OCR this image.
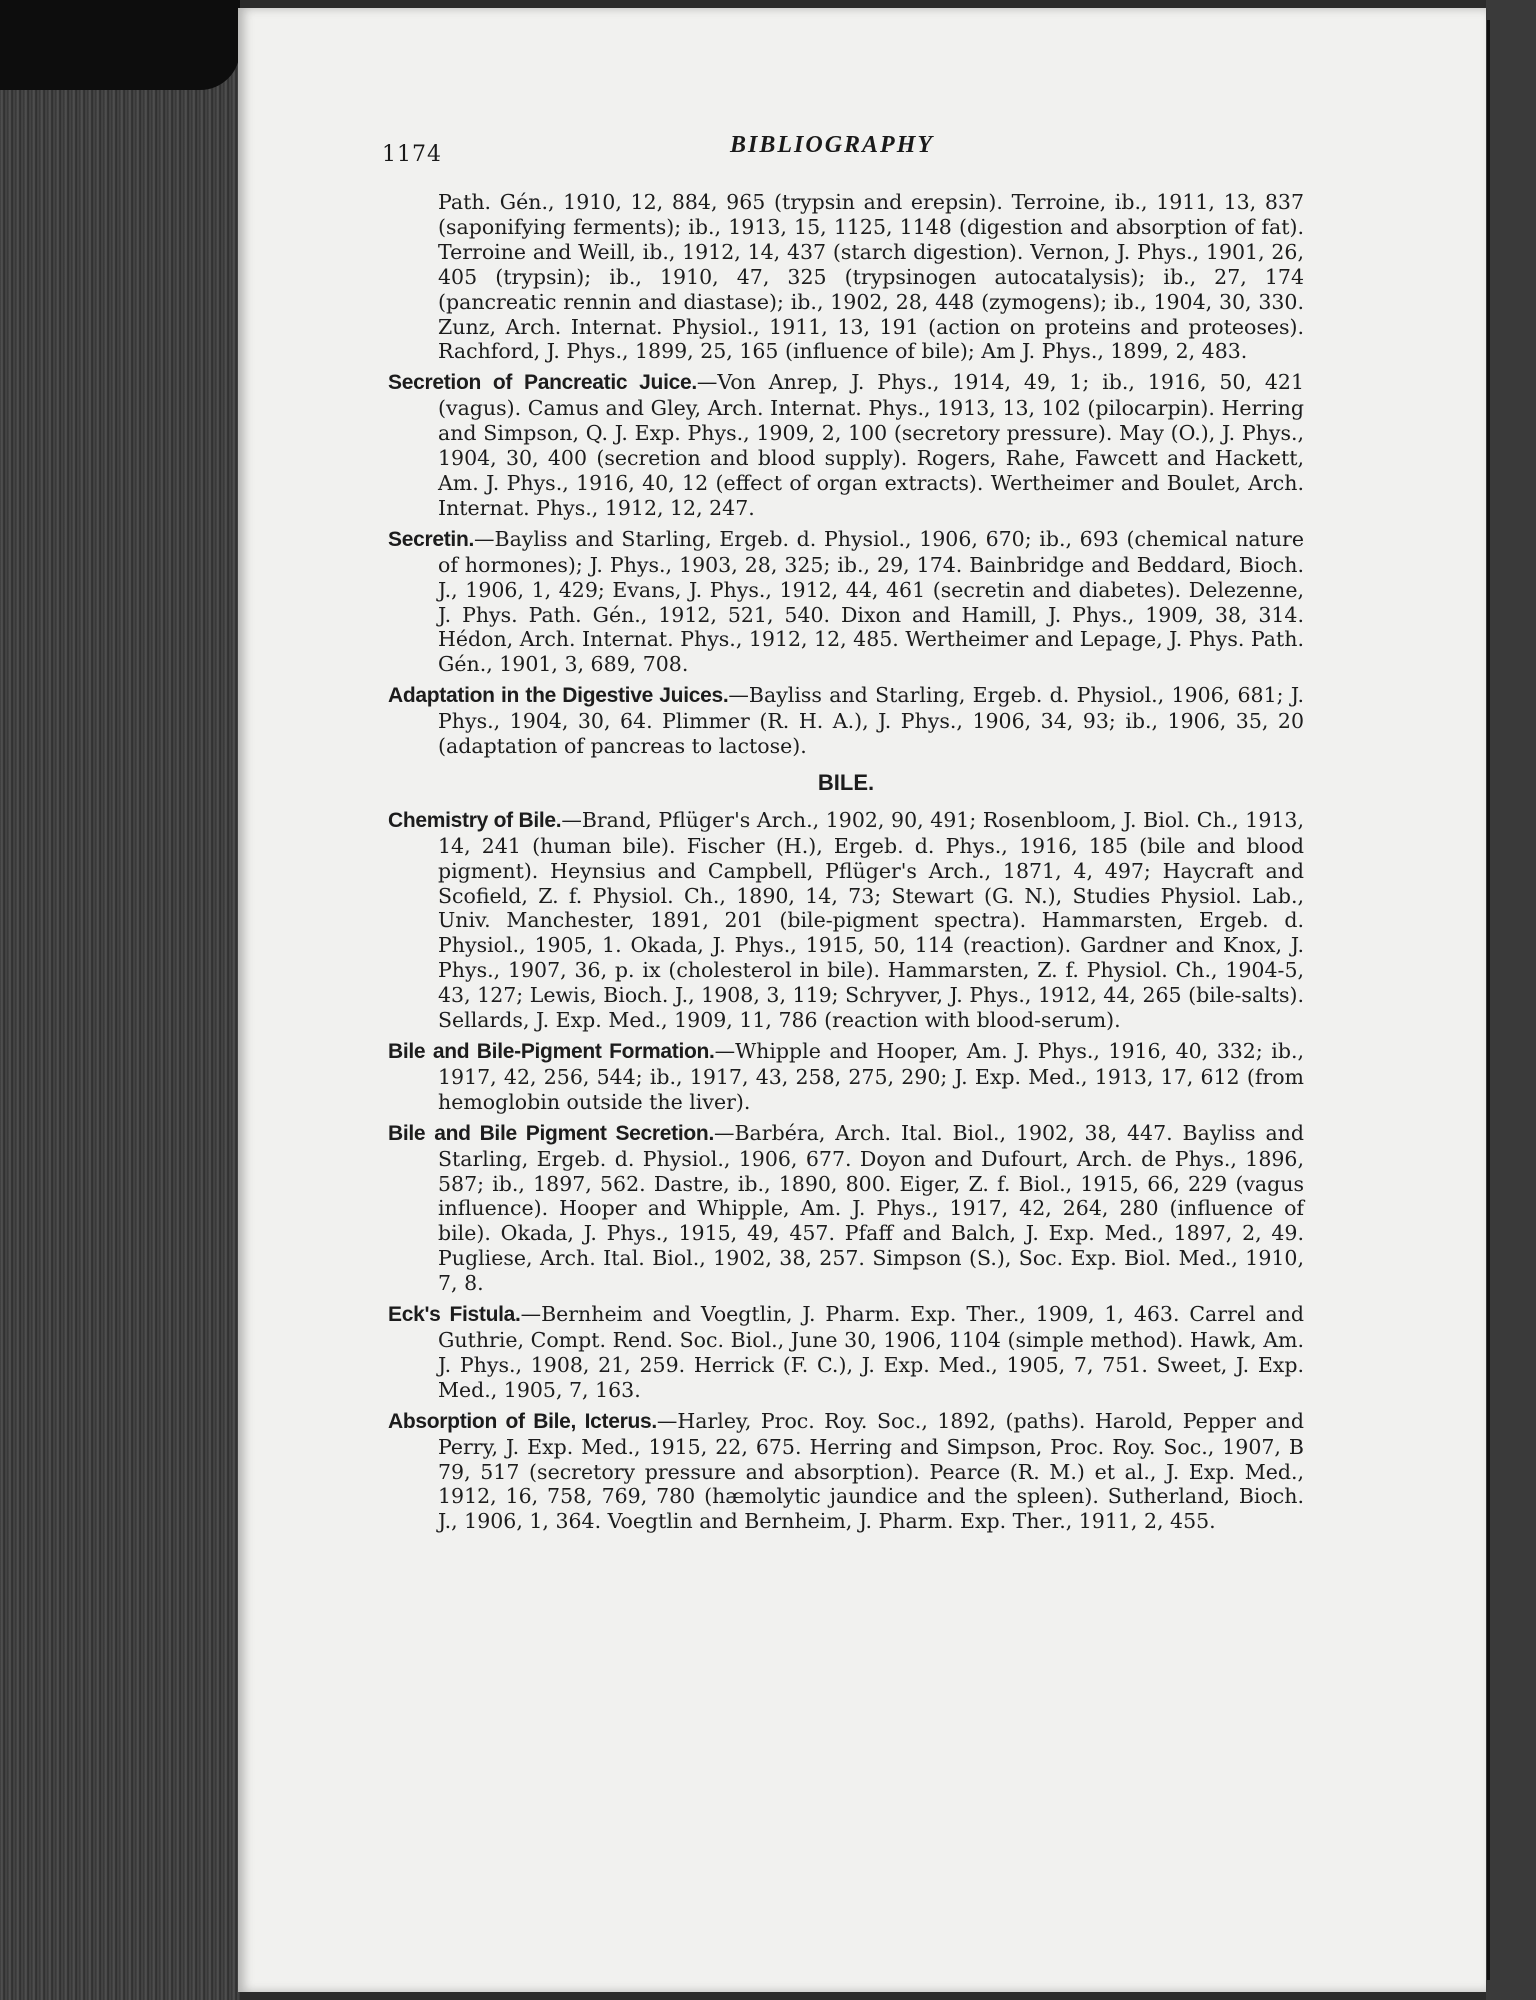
1174	BIBLIOGRAPHY

Path. Gén., 1910, 12, 884, 965 (trypsin and erepsin). Terroine, ib., 1911, 13, 837 (saponifying ferments); ib., 1913, 15, 1125, 1148 (digestion and absorption of fat). Terroine and Weill, ib., 1912, 14, 437 (starch digestion). Vernon, J. Phys., 1901, 26, 405 (trypsin); ib., 1910, 47, 325 (trypsinogen autocatalysis); ib., 27, 174 (pancreatic rennin and diastase); ib., 1902, 28, 448 (zymogens); ib., 1904, 30, 330. Zunz, Arch. Internat. Physiol., 1911, 13, 191 (action on proteins and proteoses). Rachford, J. Phys., 1899, 25, 165 (influence of bile); Am J. Phys., 1899, 2, 483.

Secretion of Pancreatic Juice.—Von Anrep, J. Phys., 1914, 49, 1; ib., 1916, 50, 421 (vagus). Camus and Gley, Arch. Internat. Phys., 1913, 13, 102 (pilocarpin). Herring and Simpson, Q. J. Exp. Phys., 1909, 2, 100 (secretory pressure). May (O.), J. Phys., 1904, 30, 400 (secretion and blood supply). Rogers, Rahe, Fawcett and Hackett, Am. J. Phys., 1916, 40, 12 (effect of organ extracts). Wertheimer and Boulet, Arch. Internat. Phys., 1912, 12, 247.

Secretin.—Bayliss and Starling, Ergeb. d. Physiol., 1906, 670; ib., 693 (chemical nature of hormones); J. Phys., 1903, 28, 325; ib., 29, 174. Bainbridge and Beddard, Bioch. J., 1906, 1, 429; Evans, J. Phys., 1912, 44, 461 (secretin and diabetes). Delezenne, J. Phys. Path. Gén., 1912, 521, 540. Dixon and Hamill, J. Phys., 1909, 38, 314. Hédon, Arch. Internat. Phys., 1912, 12, 485. Wertheimer and Lepage, J. Phys. Path. Gén., 1901, 3, 689, 708.

Adaptation in the Digestive Juices.—Bayliss and Starling, Ergeb. d. Physiol., 1906, 681; J. Phys., 1904, 30, 64. Plimmer (R. H. A.), J. Phys., 1906, 34, 93; ib., 1906, 35, 20 (adaptation of pancreas to lactose).

BILE.

Chemistry of Bile.—Brand, Pflüger's Arch., 1902, 90, 491; Rosenbloom, J. Biol. Ch., 1913, 14, 241 (human bile). Fischer (H.), Ergeb. d. Phys., 1916, 185 (bile and blood pigment). Heynsius and Campbell, Pflüger's Arch., 1871, 4, 497; Haycraft and Scofield, Z. f. Physiol. Ch., 1890, 14, 73; Stewart (G. N.), Studies Physiol. Lab., Univ. Manchester, 1891, 201 (bile-pigment spectra). Hammarsten, Ergeb. d. Physiol., 1905, 1. Okada, J. Phys., 1915, 50, 114 (reaction). Gardner and Knox, J. Phys., 1907, 36, p. ix (cholesterol in bile). Hammarsten, Z. f. Physiol. Ch., 1904-5, 43, 127; Lewis, Bioch. J., 1908, 3, 119; Schryver, J. Phys., 1912, 44, 265 (bile-salts). Sellards, J. Exp. Med., 1909, 11, 786 (reaction with blood-serum).

Bile and Bile-Pigment Formation.—Whipple and Hooper, Am. J. Phys., 1916, 40, 332; ib., 1917, 42, 256, 544; ib., 1917, 43, 258, 275, 290; J. Exp. Med., 1913, 17, 612 (from hemoglobin outside the liver).

Bile and Bile Pigment Secretion.—Barbéra, Arch. Ital. Biol., 1902, 38, 447. Bayliss and Starling, Ergeb. d. Physiol., 1906, 677. Doyon and Dufourt, Arch. de Phys., 1896, 587; ib., 1897, 562. Dastre, ib., 1890, 800. Eiger, Z. f. Biol., 1915, 66, 229 (vagus influence). Hooper and Whipple, Am. J. Phys., 1917, 42, 264, 280 (influence of bile). Okada, J. Phys., 1915, 49, 457. Pfaff and Balch, J. Exp. Med., 1897, 2, 49. Pugliese, Arch. Ital. Biol., 1902, 38, 257. Simpson (S.), Soc. Exp. Biol. Med., 1910, 7, 8.

Eck's Fistula.—Bernheim and Voegtlin, J. Pharm. Exp. Ther., 1909, 1, 463. Carrel and Guthrie, Compt. Rend. Soc. Biol., June 30, 1906, 1104 (simple method). Hawk, Am. J. Phys., 1908, 21, 259. Herrick (F. C.), J. Exp. Med., 1905, 7, 751. Sweet, J. Exp. Med., 1905, 7, 163.

Absorption of Bile, Icterus.—Harley, Proc. Roy. Soc., 1892, (paths). Harold, Pepper and Perry, J. Exp. Med., 1915, 22, 675. Herring and Simpson, Proc. Roy. Soc., 1907, B 79, 517 (secretory pressure and absorption). Pearce (R. M.) et al., J. Exp. Med., 1912, 16, 758, 769, 780 (hæmolytic jaundice and the spleen). Sutherland, Bioch. J., 1906, 1, 364. Voegtlin and Bernheim, J. Pharm. Exp. Ther., 1911, 2, 455.
